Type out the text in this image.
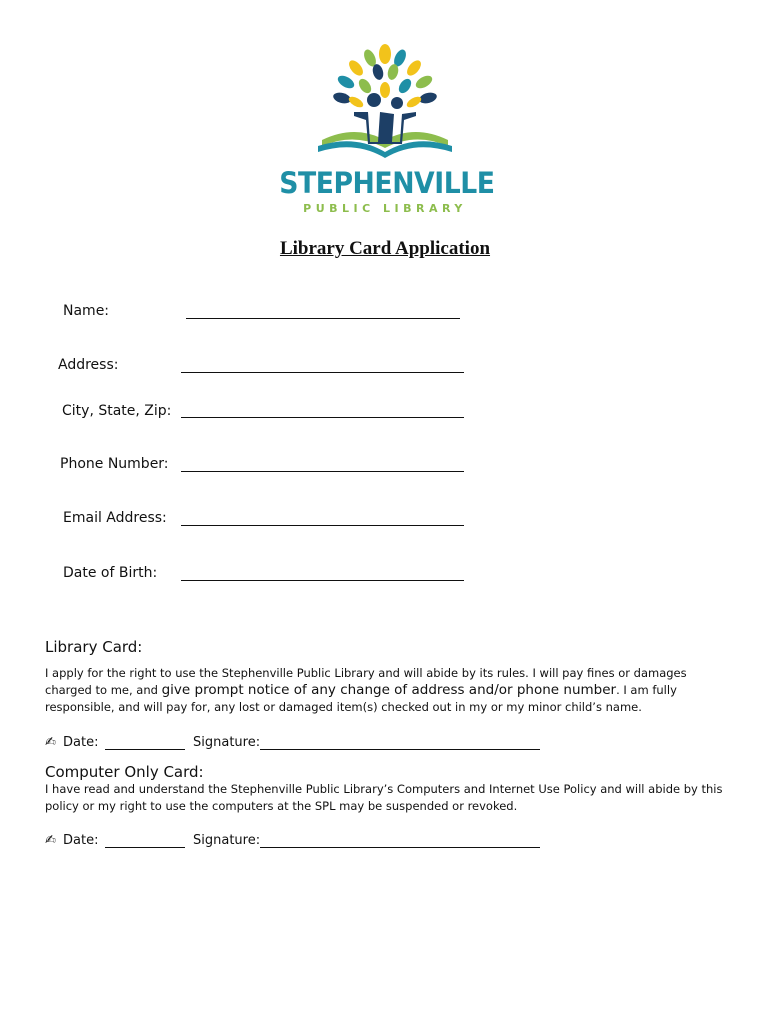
STEPHENVILLE
PUBLIC LIBRARY
Library Card Application
Name:
Address:
City, State, Zip:
Phone Number:
Email Address:
Date of Birth:
Library Card:
I apply for the right to use the Stephenville Public Library and will abide by its rules. I will pay fines or damages charged to me, and give prompt notice of any change of address and/or phone number. I am fully responsible, and will pay for, any lost or damaged item(s) checked out in my or my minor child’s name.
✍ Date:	Signature:
Computer Only Card:
I have read and understand the Stephenville Public Library’s Computers and Internet Use Policy and will abide by this policy or my right to use the computers at the SPL may be suspended or revoked.
✍ Date:	Signature:
